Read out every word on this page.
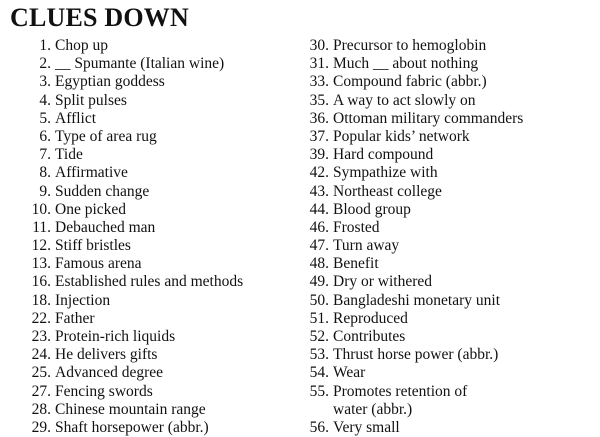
CLUES DOWN
1. Chop up
2. __ Spumante (Italian wine)
3. Egyptian goddess
4. Split pulses
5. Afflict
6. Type of area rug
7. Tide
8. Affirmative
9. Sudden change
10. One picked
11. Debauched man
12. Stiff bristles
13. Famous arena
16. Established rules and methods
18. Injection
22. Father
23. Protein-rich liquids
24. He delivers gifts
25. Advanced degree
27. Fencing swords
28. Chinese mountain range
29. Shaft horsepower (abbr.)
30. Precursor to hemoglobin
31. Much __ about nothing
33. Compound fabric (abbr.)
35. A way to act slowly on
36. Ottoman military commanders
37. Popular kids’ network
39. Hard compound
42. Sympathize with
43. Northeast college
44. Blood group
46. Frosted
47. Turn away
48. Benefit
49. Dry or withered
50. Bangladeshi monetary unit
51. Reproduced
52. Contributes
53. Thrust horse power (abbr.)
54. Wear
55. Promotes retention of
water (abbr.)
56. Very small
